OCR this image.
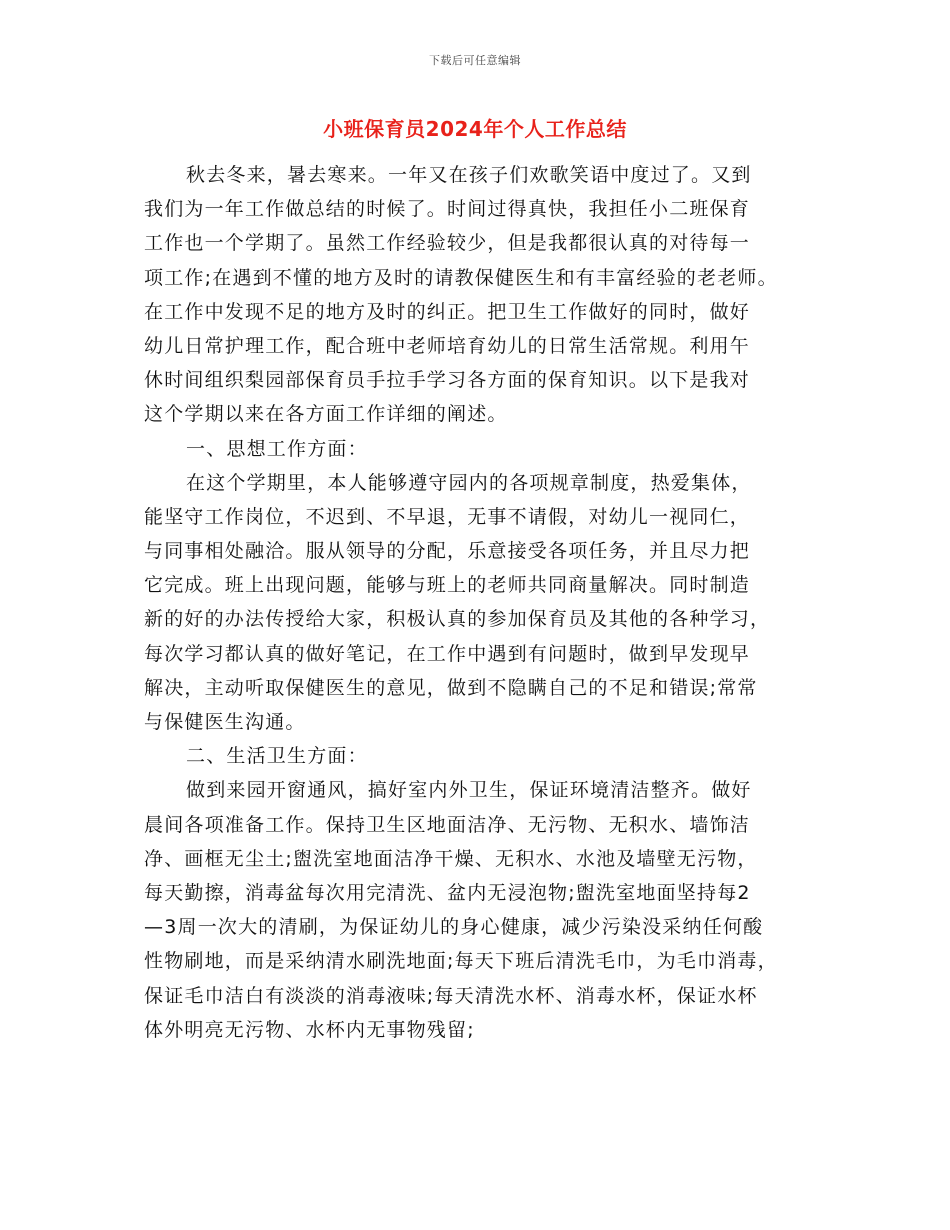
下载后可任意编辑
小班保育员2024年个人工作总结
秋去冬来，暑去寒来。一年又在孩子们欢歌笑语中度过了。又到
我们为一年工作做总结的时候了。时间过得真快，我担任小二班保育
工作也一个学期了。虽然工作经验较少，但是我都很认真的对待每一
项工作;在遇到不懂的地方及时的请教保健医生和有丰富经验的老老师。
在工作中发现不足的地方及时的纠正。把卫生工作做好的同时，做好
幼儿日常护理工作，配合班中老师培育幼儿的日常生活常规。利用午
休时间组织梨园部保育员手拉手学习各方面的保育知识。以下是我对
这个学期以来在各方面工作详细的阐述。
一、思想工作方面：
在这个学期里，本人能够遵守园内的各项规章制度，热爱集体，
能坚守工作岗位，不迟到、不早退，无事不请假，对幼儿一视同仁，
与同事相处融洽。服从领导的分配，乐意接受各项任务，并且尽力把
它完成。班上出现问题，能够与班上的老师共同商量解决。同时制造
新的好的办法传授给大家，积极认真的参加保育员及其他的各种学习，
每次学习都认真的做好笔记，在工作中遇到有问题时，做到早发现早
解决，主动听取保健医生的意见，做到不隐瞒自己的不足和错误;常常
与保健医生沟通。
二、生活卫生方面：
做到来园开窗通风，搞好室内外卫生，保证环境清洁整齐。做好
晨间各项准备工作。保持卫生区地面洁净、无污物、无积水、墙饰洁
净、画框无尘土;盥洗室地面洁净干燥、无积水、水池及墙壁无污物，
每天勤擦，消毒盆每次用完清洗、盆内无浸泡物;盥洗室地面坚持每2
—3周一次大的清刷，为保证幼儿的身心健康，减少污染没采纳任何酸
性物刷地，而是采纳清水刷洗地面;每天下班后清洗毛巾，为毛巾消毒，
保证毛巾洁白有淡淡的消毒液味;每天清洗水杯、消毒水杯，保证水杯
体外明亮无污物、水杯内无事物残留;
